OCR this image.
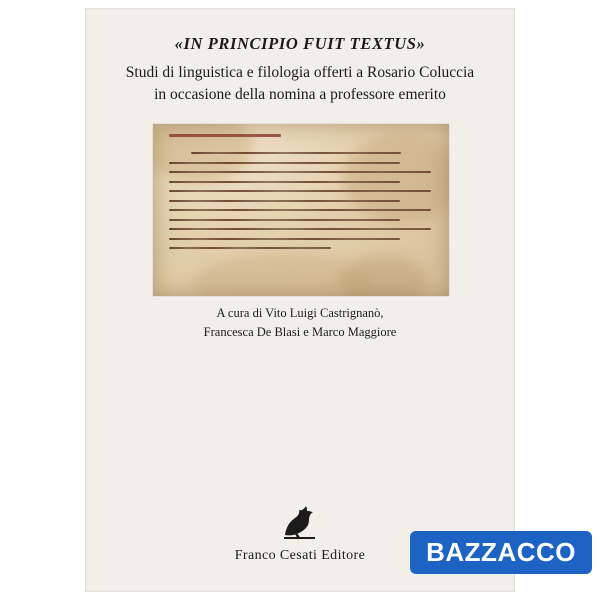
«IN PRINCIPIO FUIT TEXTUS»
Studi di linguistica e filologia offerti a Rosario Coluccia
in occasione della nomina a professore emerito
A cura di Vito Luigi Castrignanò,
Francesca De Blasi e Marco Maggiore
Franco Cesati Editore	BAZZACCO
